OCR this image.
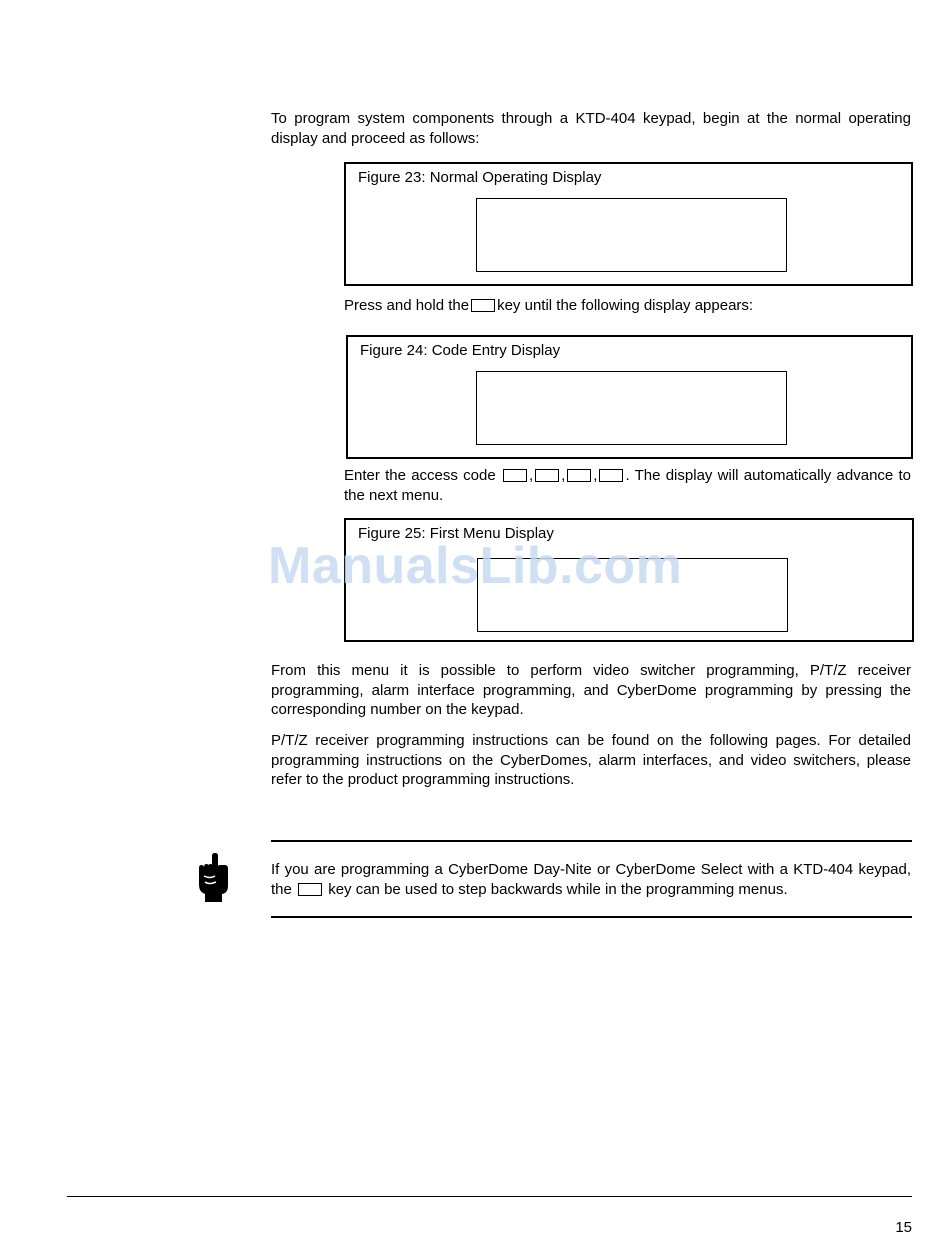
To program system components through a KTD-404 keypad, begin at the normal operating display and proceed as follows:

Figure 23: Normal Operating Display
Press and hold the key until the following display appears:
Figure 24: Code Entry Display

Enter the access code , , , . The display will automatically advance to the next menu.

Figure 25: First Menu Display
ManualsLib.com

From this menu it is possible to perform video switcher programming, P/T/Z receiver programming, alarm interface programming, and CyberDome programming by pressing the corresponding number on the keypad.

P/T/Z receiver programming instructions can be found on the following pages. For detailed programming instructions on the CyberDomes, alarm interfaces, and video switchers, please refer to the product programming instructions.

If you are programming a CyberDome Day-Nite or CyberDome Select with a KTD-404 keypad, the key can be used to step backwards while in the programming menus.

15
